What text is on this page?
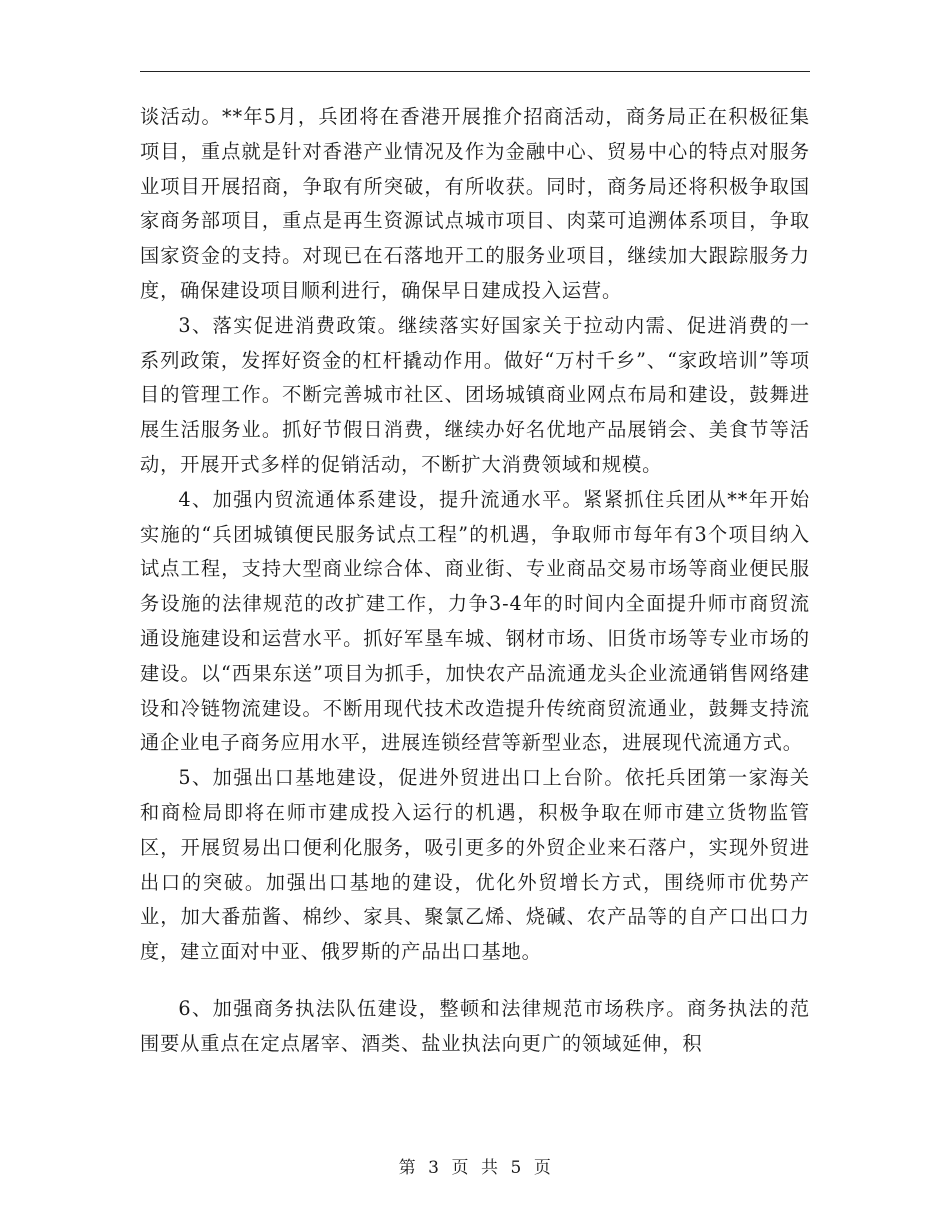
谈活动。**年5月，兵团将在香港开展推介招商活动，商务局正在积极征集项目，重点就是针对香港产业情况及作为金融中心、贸易中心的特点对服务业项目开展招商，争取有所突破，有所收获。同时，商务局还将积极争取国家商务部项目，重点是再生资源试点城市项目、肉菜可追溯体系项目，争取国家资金的支持。对现已在石落地开工的服务业项目，继续加大跟踪服务力度，确保建设项目顺利进行，确保早日建成投入运营。

3、落实促进消费政策。继续落实好国家关于拉动内需、促进消费的一系列政策，发挥好资金的杠杆撬动作用。做好“万村千乡”、“家政培训”等项目的管理工作。不断完善城市社区、团场城镇商业网点布局和建设，鼓舞进展生活服务业。抓好节假日消费，继续办好名优地产品展销会、美食节等活动，开展开式多样的促销活动，不断扩大消费领域和规模。

4、加强内贸流通体系建设，提升流通水平。紧紧抓住兵团从**年开始实施的“兵团城镇便民服务试点工程”的机遇，争取师市每年有3个项目纳入试点工程，支持大型商业综合体、商业街、专业商品交易市场等商业便民服务设施的法律规范的改扩建工作，力争3-4年的时间内全面提升师市商贸流通设施建设和运营水平。抓好军垦车城、钢材市场、旧货市场等专业市场的建设。以“西果东送”项目为抓手，加快农产品流通龙头企业流通销售网络建设和冷链物流建设。不断用现代技术改造提升传统商贸流通业，鼓舞支持流通企业电子商务应用水平，进展连锁经营等新型业态，进展现代流通方式。

5、加强出口基地建设，促进外贸进出口上台阶。依托兵团第一家海关和商检局即将在师市建成投入运行的机遇，积极争取在师市建立货物监管区，开展贸易出口便利化服务，吸引更多的外贸企业来石落户，实现外贸进出口的突破。加强出口基地的建设，优化外贸增长方式，围绕师市优势产业，加大番茄酱、棉纱、家具、聚氯乙烯、烧碱、农产品等的自产口出口力度，建立面对中亚、俄罗斯的产品出口基地。

6、加强商务执法队伍建设，整顿和法律规范市场秩序。商务执法的范围要从重点在定点屠宰、酒类、盐业执法向更广的领域延伸，积

第 3 页 共 5 页
